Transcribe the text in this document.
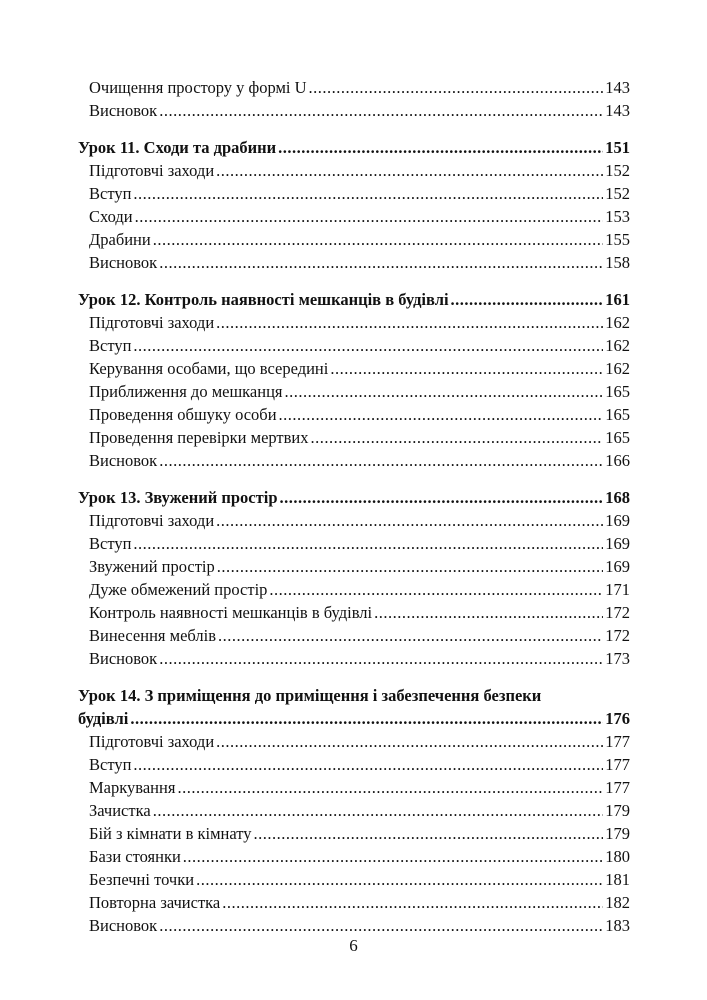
Очищення простору у формі U .....	143
Висновок .....	143
Урок 11. Сходи та драбини .....	151
Підготовчі заходи .....	152
Вступ .....	152
Сходи .....	153
Драбини .....	155
Висновок .....	158
Урок 12. Контроль наявності мешканців в будівлі .....	161
Підготовчі заходи .....	162
Вступ .....	162
Керування особами, що всередині .....	162
Приближення до мешканця .....	165
Проведення обшуку особи .....	165
Проведення перевірки мертвих .....	165
Висновок .....	166
Урок 13. Звужений простір .....	168
Підготовчі заходи .....	169
Вступ .....	169
Звужений простір .....	169
Дуже обмежений простір .....	171
Контроль наявності мешканців в будівлі .....	172
Винесення меблів .....	172
Висновок .....	173
Урок 14. З приміщення до приміщення і забезпечення безпеки
будівлі .....	176
Підготовчі заходи .....	177
Вступ .....	177
Маркування .....	177
Зачистка .....	179
Бій з кімнати в кімнату .....	179
Бази стоянки .....	180
Безпечні точки .....	181
Повторна зачистка .....	182
Висновок .....	183
6
